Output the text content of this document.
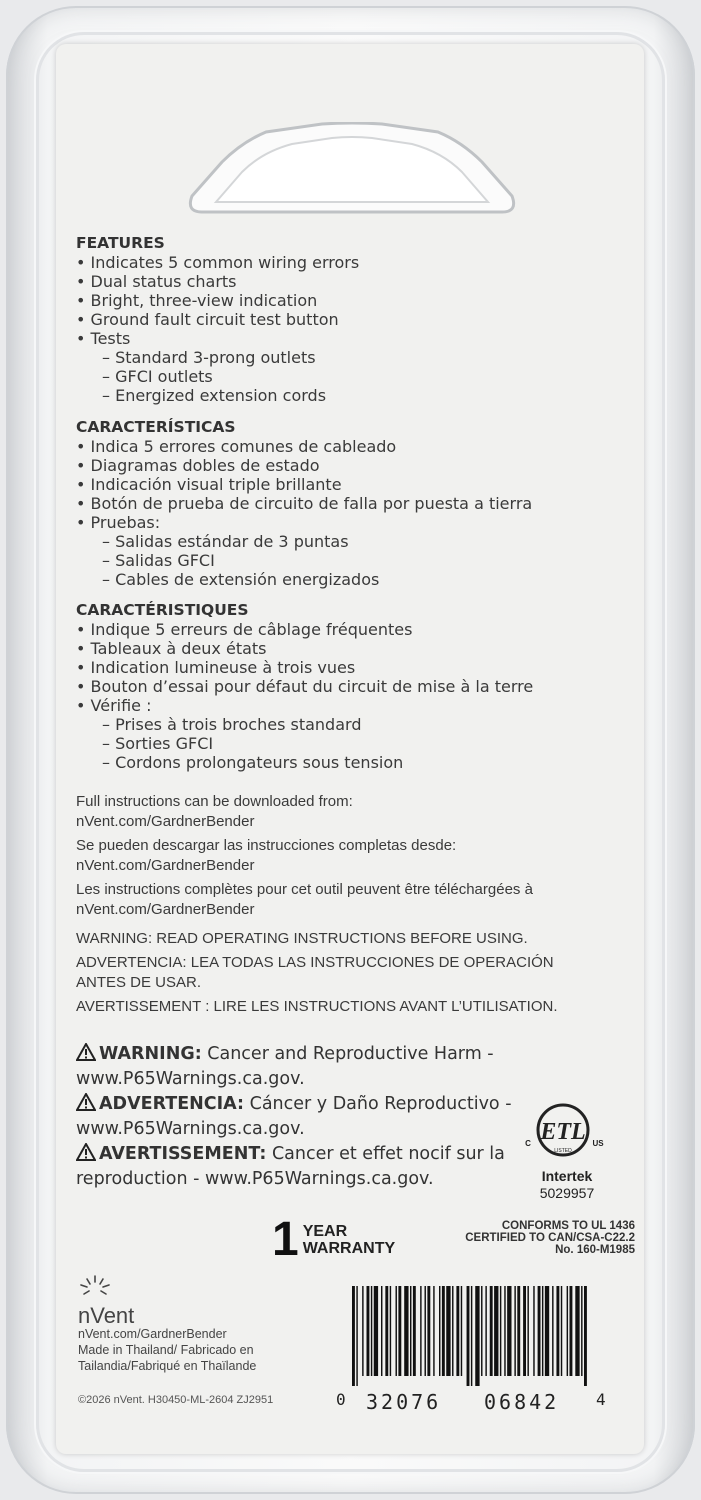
FEATURES
• Indicates 5 common wiring errors
• Dual status charts
• Bright, three-view indication
• Ground fault circuit test button
• Tests
– Standard 3-prong outlets
– GFCI outlets
– Energized extension cords
CARACTERÍSTICAS
• Indica 5 errores comunes de cableado
• Diagramas dobles de estado
• Indicación visual triple brillante
• Botón de prueba de circuito de falla por puesta a tierra
• Pruebas:
– Salidas estándar de 3 puntas
– Salidas GFCI
– Cables de extensión energizados
CARACTÉRISTIQUES
• Indique 5 erreurs de câblage fréquentes
• Tableaux à deux états
• Indication lumineuse à trois vues
• Bouton d’essai pour défaut du circuit de mise à la terre
• Vérifie :
– Prises à trois broches standard
– Sorties GFCI
– Cordons prolongateurs sous tension
Full instructions can be downloaded from:
nVent.com/GardnerBender
Se pueden descargar las instrucciones completas desde:
nVent.com/GardnerBender
Les instructions complètes pour cet outil peuvent être téléchargées à
nVent.com/GardnerBender
WARNING: READ OPERATING INSTRUCTIONS BEFORE USING.
ADVERTENCIA: LEA TODAS LAS INSTRUCCIONES DE OPERACIÓN
ANTES DE USAR.
AVERTISSEMENT : LIRE LES INSTRUCTIONS AVANT L’UTILISATION.
WARNING: Cancer and Reproductive Harm -
www.P65Warnings.ca.gov.
ADVERTENCIA: Cáncer y Daño Reproductivo -
www.P65Warnings.ca.gov.
AVERTISSEMENT: Cancer et effet nocif sur la
reproduction - www.P65Warnings.ca.gov.
ETL
LISTED
C	US
Intertek
5029957
1 YEAR
WARRANTY
CONFORMS TO UL 1436
CERTIFIED TO CAN/CSA-C22.2
No. 160-M1985
nVent
nVent.com/GardnerBender
Made in Thailand/ Fabricado en
Tailandia/Fabriqué en Thaïlande
©2026 nVent. H30450-ML-2604 ZJ2951	0 32076 06842 4
